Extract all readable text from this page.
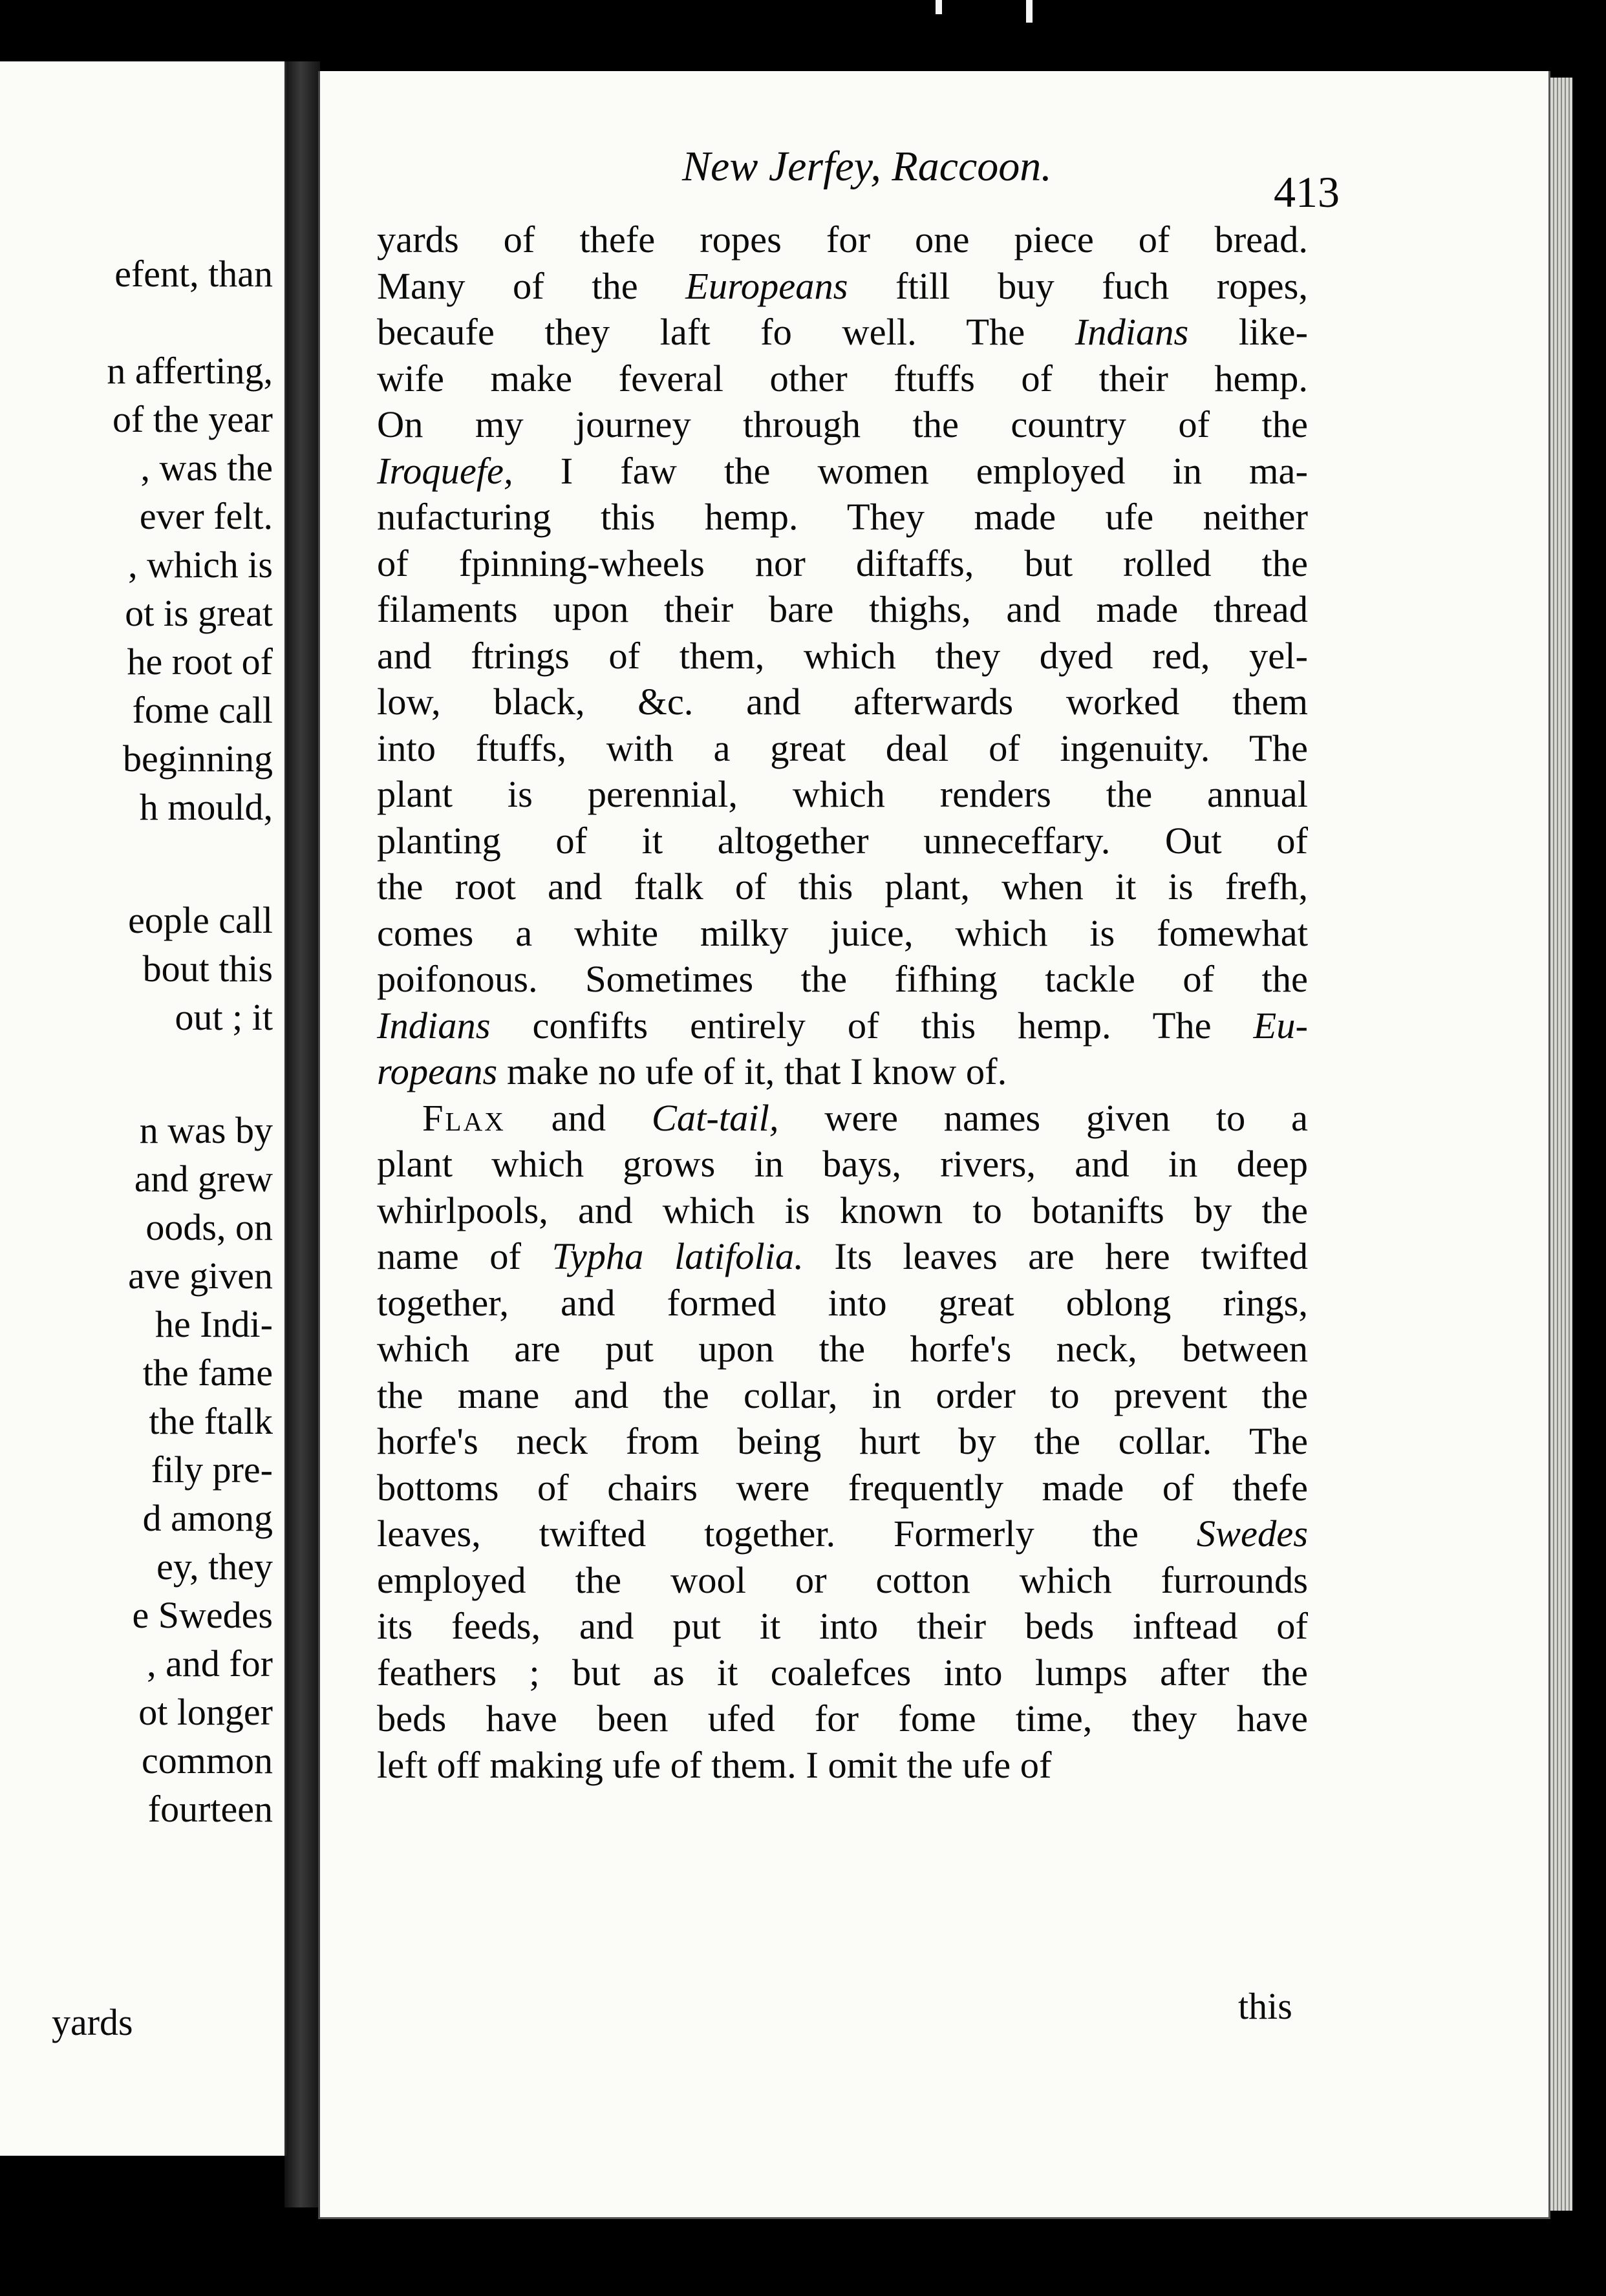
efent, than
n afferting,
of the year
, was the
ever felt.
, which is
ot is great
he root of
fome call
beginning
h mould,
eople call
bout this
out ; it
n was by
and grew
oods, on
ave given
he Indi-
the fame
the ftalk
fily pre-
d among
ey, they
e Swedes
, and for
ot longer
common
fourteen
yards
New Jerfey, Raccoon.
413
yards of thefe ropes for one piece of bread.
Many of the Europeans ftill buy fuch ropes,
becaufe they laft fo well. The Indians like-
wife make feveral other ftuffs of their hemp.
On my journey through the country of the
Iroquefe, I faw the women employed in ma-
nufacturing this hemp. They made ufe neither
of fpinning-wheels nor diftaffs, but rolled the
filaments upon their bare thighs, and made thread
and ftrings of them, which they dyed red, yel-
low, black, &c. and afterwards worked them
into ftuffs, with a great deal of ingenuity. The
plant is perennial, which renders the annual
planting of it altogether unneceffary. Out of
the root and ftalk of this plant, when it is frefh,
comes a white milky juice, which is fomewhat
poifonous. Sometimes the fifhing tackle of the
Indians confifts entirely of this hemp. The Eu-
ropeans make no ufe of it, that I know of.
Flax and Cat-tail, were names given to a
plant which grows in bays, rivers, and in deep
whirlpools, and which is known to botanifts by the
name of Typha latifolia. Its leaves are here twifted
together, and formed into great oblong rings,
which are put upon the horfe's neck, between
the mane and the collar, in order to prevent the
horfe's neck from being hurt by the collar. The
bottoms of chairs were frequently made of thefe
leaves, twifted together. Formerly the Swedes
employed the wool or cotton which furrounds
its feeds, and put it into their beds inftead of
feathers ; but as it coalefces into lumps after the
beds have been ufed for fome time, they have
left off making ufe of them. I omit the ufe of
this
